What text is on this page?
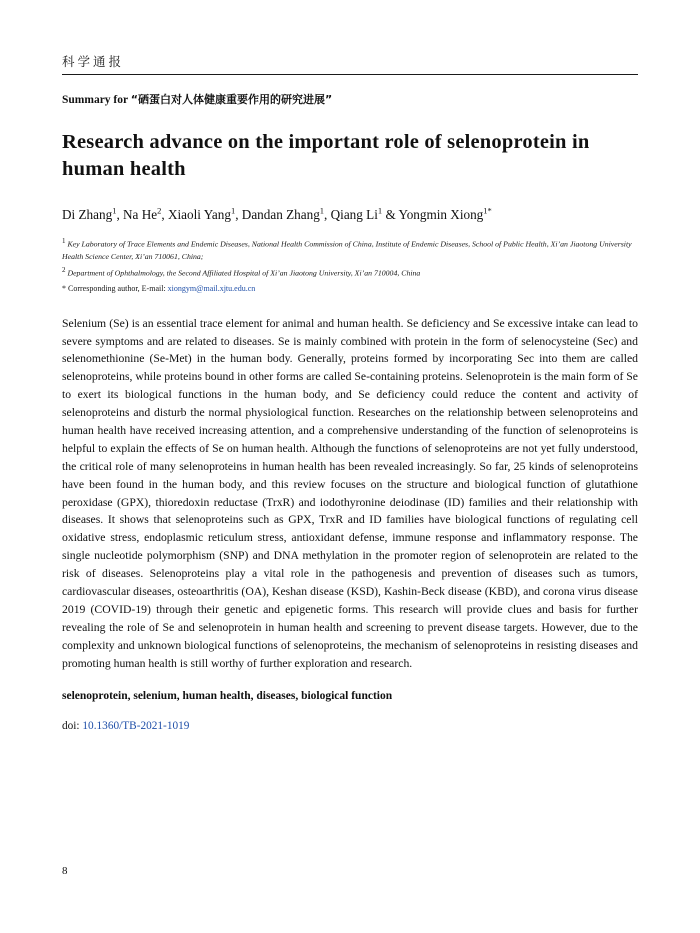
科学通报
Summary for “硒蛋白对人体健康重要作用的研究进展”
Research advance on the important role of selenoprotein in human health
Di Zhang$^1$, Na He$^2$, Xiaoli Yang$^1$, Dandan Zhang$^1$, Qiang Li$^1$ & Yongmin Xiong$^{1*}$
1 Key Laboratory of Trace Elements and Endemic Diseases, National Health Commission of China, Institute of Endemic Diseases, School of Public Health, Xi’an Jiaotong University Health Science Center, Xi’an 710061, China;
2 Department of Ophthalmology, the Second Affiliated Hospital of Xi’an Jiaotong University, Xi’an 710004, China
* Corresponding author, E-mail: xiongym@mail.xjtu.edu.cn
Selenium (Se) is an essential trace element for animal and human health. Se deficiency and Se excessive intake can lead to severe symptoms and are related to diseases. Se is mainly combined with protein in the form of selenocysteine (Sec) and selenomethionine (Se-Met) in the human body. Generally, proteins formed by incorporating Sec into them are called selenoproteins, while proteins bound in other forms are called Se-containing proteins. Selenoprotein is the main form of Se to exert its biological functions in the human body, and Se deficiency could reduce the content and activity of selenoproteins and disturb the normal physiological function. Researches on the relationship between selenoproteins and human health have received increasing attention, and a comprehensive understanding of the function of selenoproteins is helpful to explain the effects of Se on human health. Although the functions of selenoproteins are not yet fully understood, the critical role of many selenoproteins in human health has been revealed increasingly. So far, 25 kinds of selenoproteins have been found in the human body, and this review focuses on the structure and biological function of glutathione peroxidase (GPX), thioredoxin reductase (TrxR) and iodothyronine deiodinase (ID) families and their relationship with diseases. It shows that selenoproteins such as GPX, TrxR and ID families have biological functions of regulating cell oxidative stress, endoplasmic reticulum stress, antioxidant defense, immune response and inflammatory response. The single nucleotide polymorphism (SNP) and DNA methylation in the promoter region of selenoprotein are related to the risk of diseases. Selenoproteins play a vital role in the pathogenesis and prevention of diseases such as tumors, cardiovascular diseases, osteoarthritis (OA), Keshan disease (KSD), Kashin-Beck disease (KBD), and corona virus disease 2019 (COVID-19) through their genetic and epigenetic forms. This research will provide clues and basis for further revealing the role of Se and selenoprotein in human health and screening to prevent disease targets. However, due to the complexity and unknown biological functions of selenoproteins, the mechanism of selenoproteins in resisting diseases and promoting human health is still worthy of further exploration and research.
selenoprotein, selenium, human health, diseases, biological function
doi: 10.1360/TB-2021-1019
8
